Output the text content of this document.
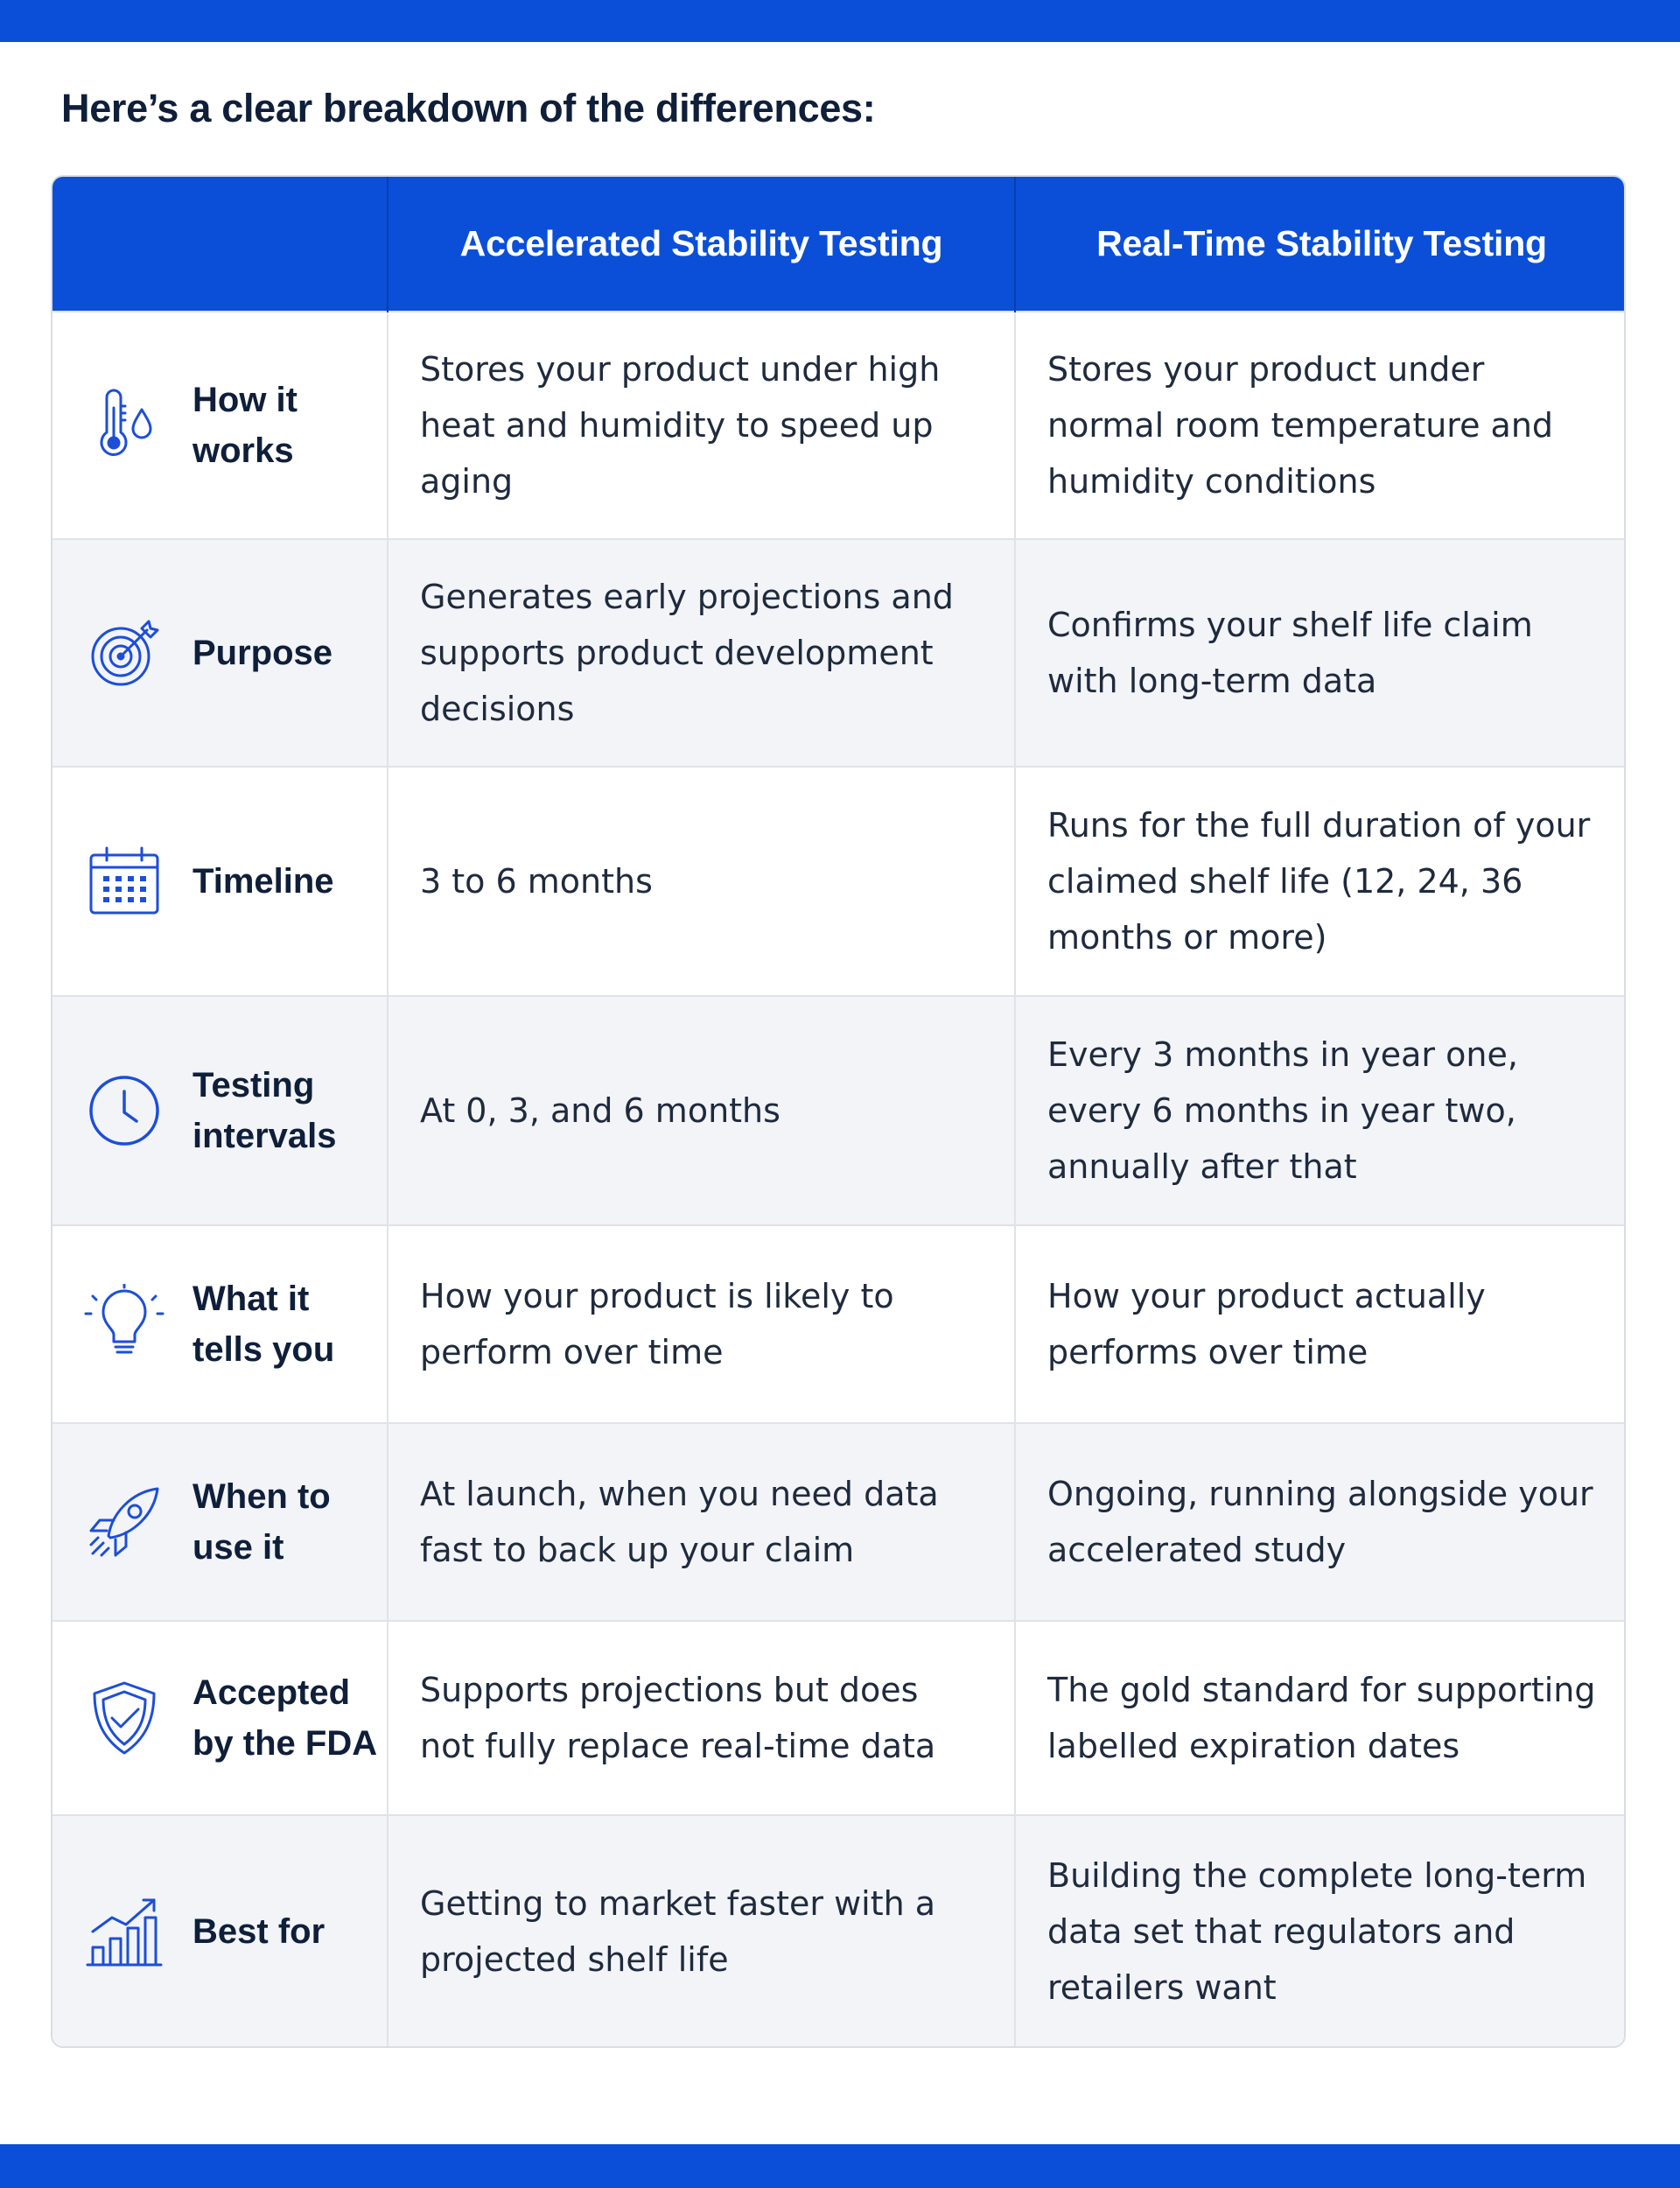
Here’s a clear breakdown of the differences:
	Accelerated Stability Testing	Real-Time Stability Testing

How it
works	Stores your product under high heat and humidity to speed up aging	Stores your product under normal room temperature and humidity conditions

Purpose	Generates early projections and supports product development decisions	Confirms your shelf life claim with long-term data

Timeline	3 to 6 months	Runs for the full duration of your claimed shelf life (12, 24, 36 months or more)

Testing
intervals	At 0, 3, and 6 months	Every 3 months in year one, every 6 months in year two, annually after that

What it
tells you	How your product is likely to perform over time	How your product actually performs over time

When to
use it	At launch, when you need data fast to back up your claim	Ongoing, running alongside your accelerated study

Accepted
by the FDA	Supports projections but does not fully replace real-time data	The gold standard for supporting labelled expiration dates

Best for	Getting to market faster with a projected shelf life	Building the complete long-term data set that regulators and retailers want
